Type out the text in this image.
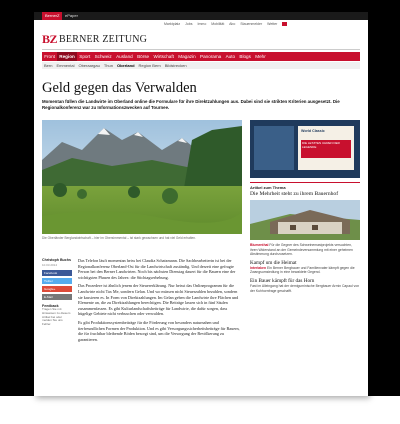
BernerZ	ePaper
Marktplatz Jobs Immo Mobilität Abo Stauenmelder Wetter
BZ BERNER ZEITUNG
Front Region Sport Schweiz Ausland Börse Wirtschaft Magazin Panorama Auto Blogs Mehr
Bern	Emmental	Oberaargau	Thun	Oberland	Region Bern	Bildstrecken
Geld gegen das Verwalden
Momentan füllen die Landwirte im Oberland online die Formulare für ihre Direktzahlungen aus. Dabei sind sie strikten Kriterien ausgesetzt. Die Regionalkonferenz war zu Informationszwecken auf Tournee.
Die Oberländer Berglandwirtschaft – hier im Obersimmental – ist stark gewachsen und hat viel Geld erhalten.
Christoph Buchs
10.03.2014
Facebook
Twitter
Google+
E-Mail
Feedback
Tragen Sie mit Hinweisen zu diesem Artikel bei oder melden Sie uns Fehler.

Das Telefon läuft momentan heiss bei Claudia Schatzmann. Die Sachbearbeiterin ist bei der Regionalkonferenz Oberland-Ost für die Landwirtschaft zuständig. Und derzeit eine gefragte Person bei den Berner Landwirten. Noch bis nächsten Dienstag dauert für die Bauern eine der wichtigsten Phasen des Jahres: die Stichtagserhebung.

Das Prozedere ist ähnlich jenem der Steuererklärung. Nur heisst das Onlineprogramm für die Landwirte nicht Tax Me, sondern Gelan. Und wo müssen nicht Steuerzahlen bezahlen, sondern sie kassieren es. In Form von Direktzahlungen. Im Gelan geben die Landwirte ihre Flächen und Elemente an, die zu Direktzahlungen berechtigen. Die Beiträge lassen sich in fünf Säulen zusammenfassen. Es gibt Kulturlandschaftsbeiträge für Landwirte, die dafür sorgen, dass hügelige Gebiete nicht verbuschen oder verwalden.

Es gibt Produktionssystembeiträge für die Förderung von besonders naturnahen und tierfreundlichen Formen der Produktion. Und es gibt Versorgungssicherheitsbeiträge für Bauern, die für fruchtbar bleibende Böden besorgt sind, um die Versorgung der Bevölkerung zu garantieren.

World Classic
DIE LETZTEN UHREN DER LEGENDE
Artikel zum Thema
Die Mehrheit steht zu ihrem Bauernhof
Blumenthal Für die Gegner des Schweinemastprojekts versuchten, ihren Widerstand an der Gemeindeversammlung mit einer geheimen Abstimmung durchzusetzen.
Kampf um die Heimat
Interlaken Ein Berner Bergbauer und Familienvater kämpft gegen die Zwangsumsiedlung in eine bewaldete Gegend.
Ein Bauer kämpft für das Horn
Fast im Alleingang hat der demiguminische Bergbauer Armin Capaul von der Kuhhornfrage geschafft.
